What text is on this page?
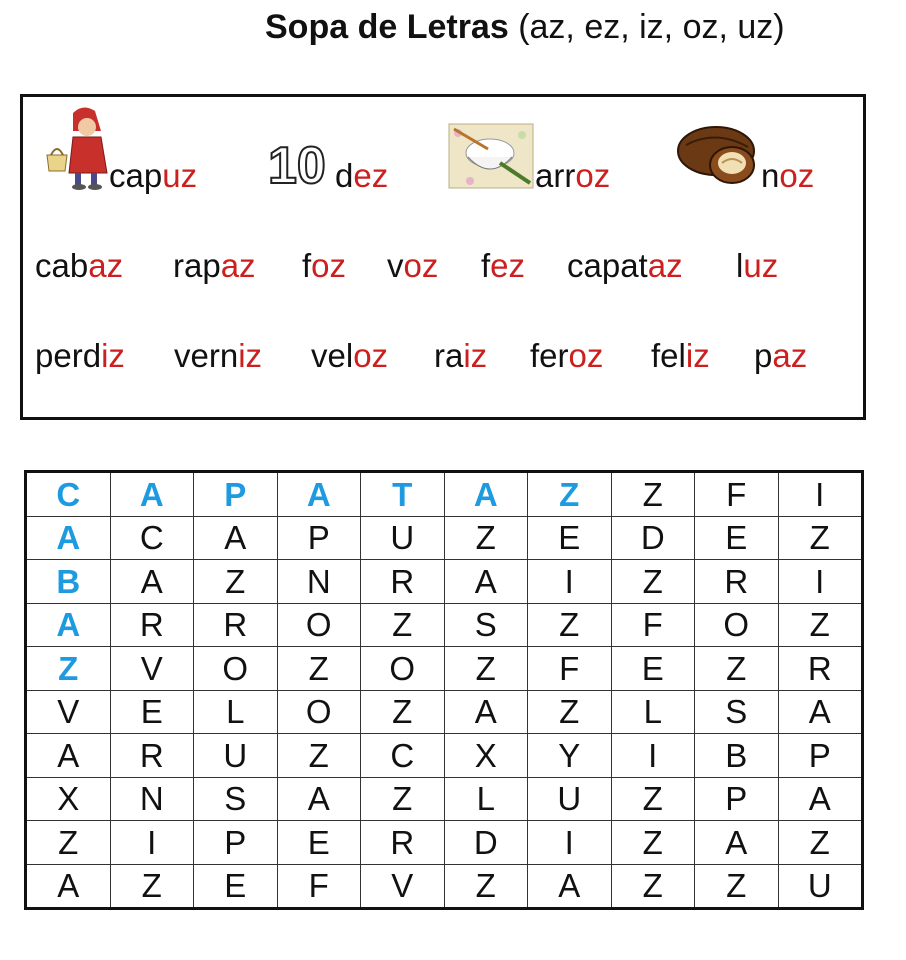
Sopa de Letras (az, ez, iz, oz, uz)
capuz 10 dez	arroz	noz
cabaz rapaz foz voz fez capataz luz
perdiz verniz veloz raiz feroz feliz paz
C	A	P	A	T	A	Z	Z	F	I
A	C	A	P	U	Z	E	D	E	Z
B	A	Z	N	R	A	I	Z	R	I
A	R	R	O	Z	S	Z	F	O	Z
Z	V	O	Z	O	Z	F	E	Z	R
V	E	L	O	Z	A	Z	L	S	A
A	R	U	Z	C	X	Y	I	B	P
X	N	S	A	Z	L	U	Z	P	A
Z	I	P	E	R	D	I	Z	A	Z
A	Z	E	F	V	Z	A	Z	Z	U
